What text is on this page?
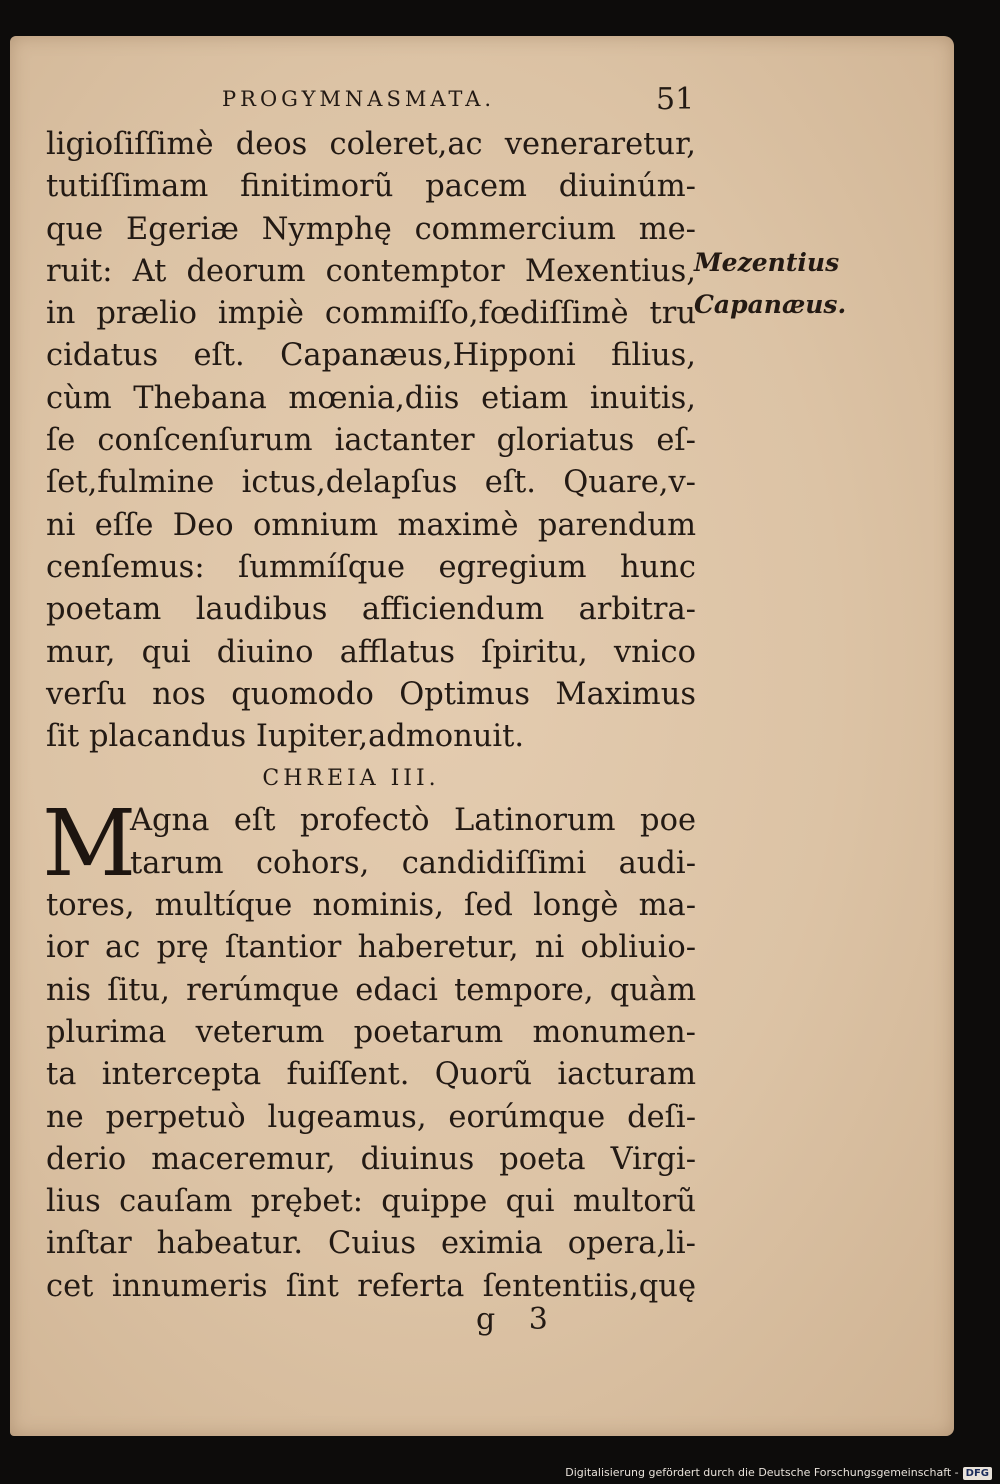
PROGYMNASMATA.	51
ligioſiſſimè deos coleret,ac veneraretur,
tutiſſimam finitimorũ pacem diuinúm-
que Egeriæ Nymphę commercium me-
ruit: At deorum contemptor Mexentius,
in prælio impiè commiſſo,fœdiſſimè tru
cidatus eſt. Capanæus,Hipponi filius,
cùm Thebana mœnia,diis etiam inuitis,
ſe conſcenſurum iactanter gloriatus eſ-
ſet,fulmine ictus,delapſus eſt. Quare,v-
ni eſſe Deo omnium maximè parendum
cenſemus: ſummíſque egregium hunc
poetam laudibus afficiendum arbitra-
mur, qui diuino afflatus ſpiritu, vnico
verſu nos quomodo Optimus Maximus
ſit placandus Iupiter,admonuit.
CHREIA III.
M
Agna eſt profectò Latinorum poe
tarum cohors, candidiſſimi audi-
tores, multíque nominis, ſed longè ma-
ior ac prę ſtantior haberetur, ni obliuio-
nis ſitu, rerúmque edaci tempore, quàm
plurima veterum poetarum monumen-
ta intercepta fuiſſent. Quorũ iacturam
ne perpetuò lugeamus, eorúmque deſi-
derio maceremur, diuinus poeta Virgi-
lius cauſam prębet: quippe qui multorũ
inſtar habeatur. Cuius eximia opera,li-
cet innumeris ſint referta ſententiis,quę
Mezentius
Capanæus.
g 3
Digitalisierung gefördert durch die Deutsche Forschungsgemeinschaft - DFG
